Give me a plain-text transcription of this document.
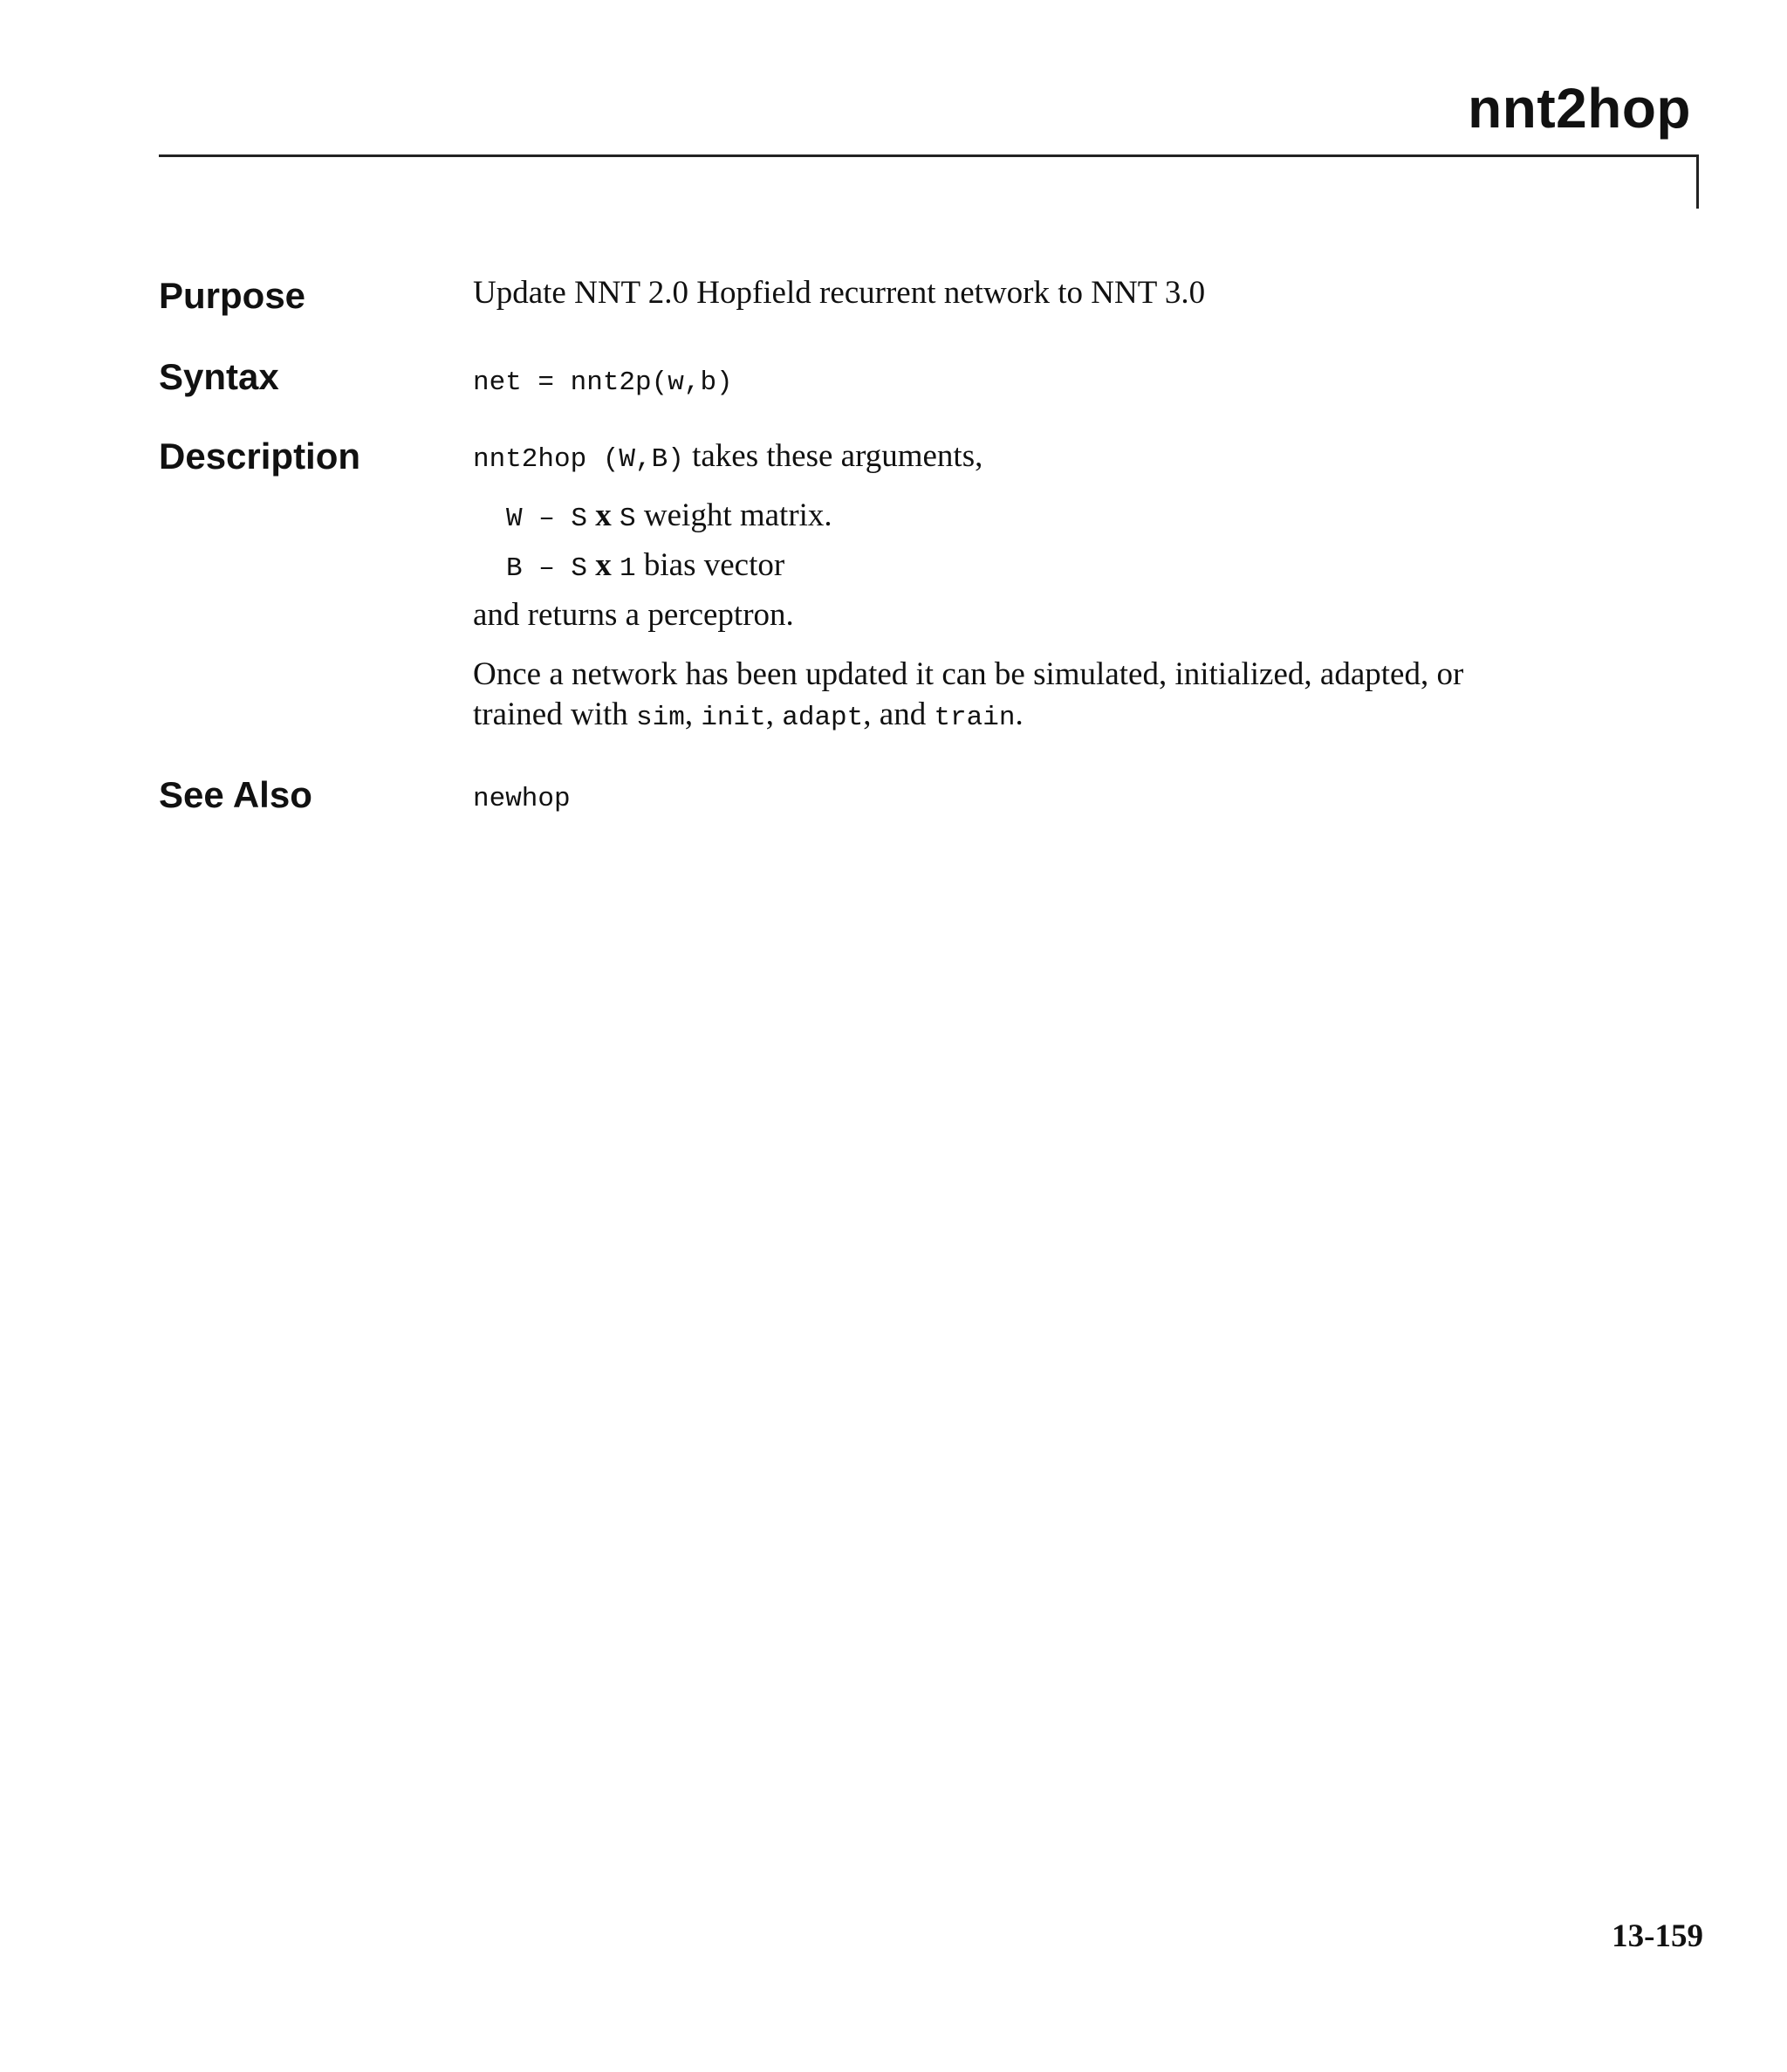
nnt2hop
Purpose	Update NNT 2.0 Hopfield recurrent network to NNT 3.0
Syntax	net = nnt2p(w,b)
Description	nnt2hop (W,B) takes these arguments,
W – S x S weight matrix.
B – S x 1 bias vector
and returns a perceptron.
Once a network has been updated it can be simulated, initialized, adapted, or
trained with sim, init, adapt, and train.
See Also	newhop
13-159
